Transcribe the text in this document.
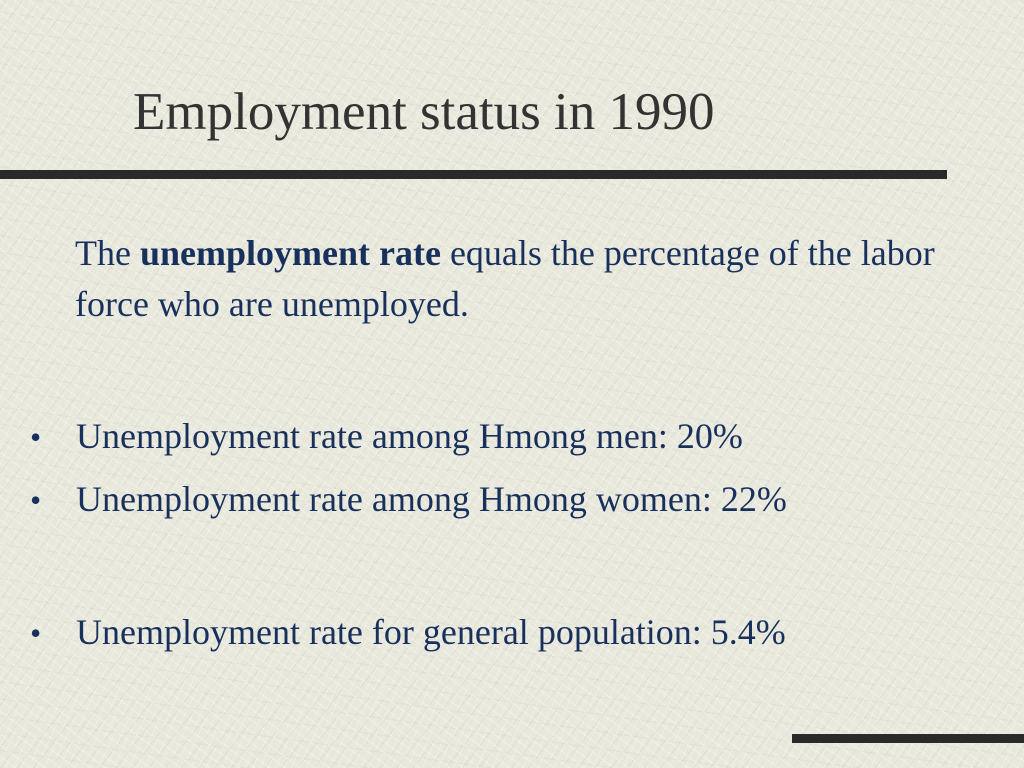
Employment status in 1990

The unemployment rate equals the percentage of the labor force who are unemployed.

• Unemployment rate among Hmong men: 20%
• Unemployment rate among Hmong women: 22%
• Unemployment rate for general population: 5.4%
